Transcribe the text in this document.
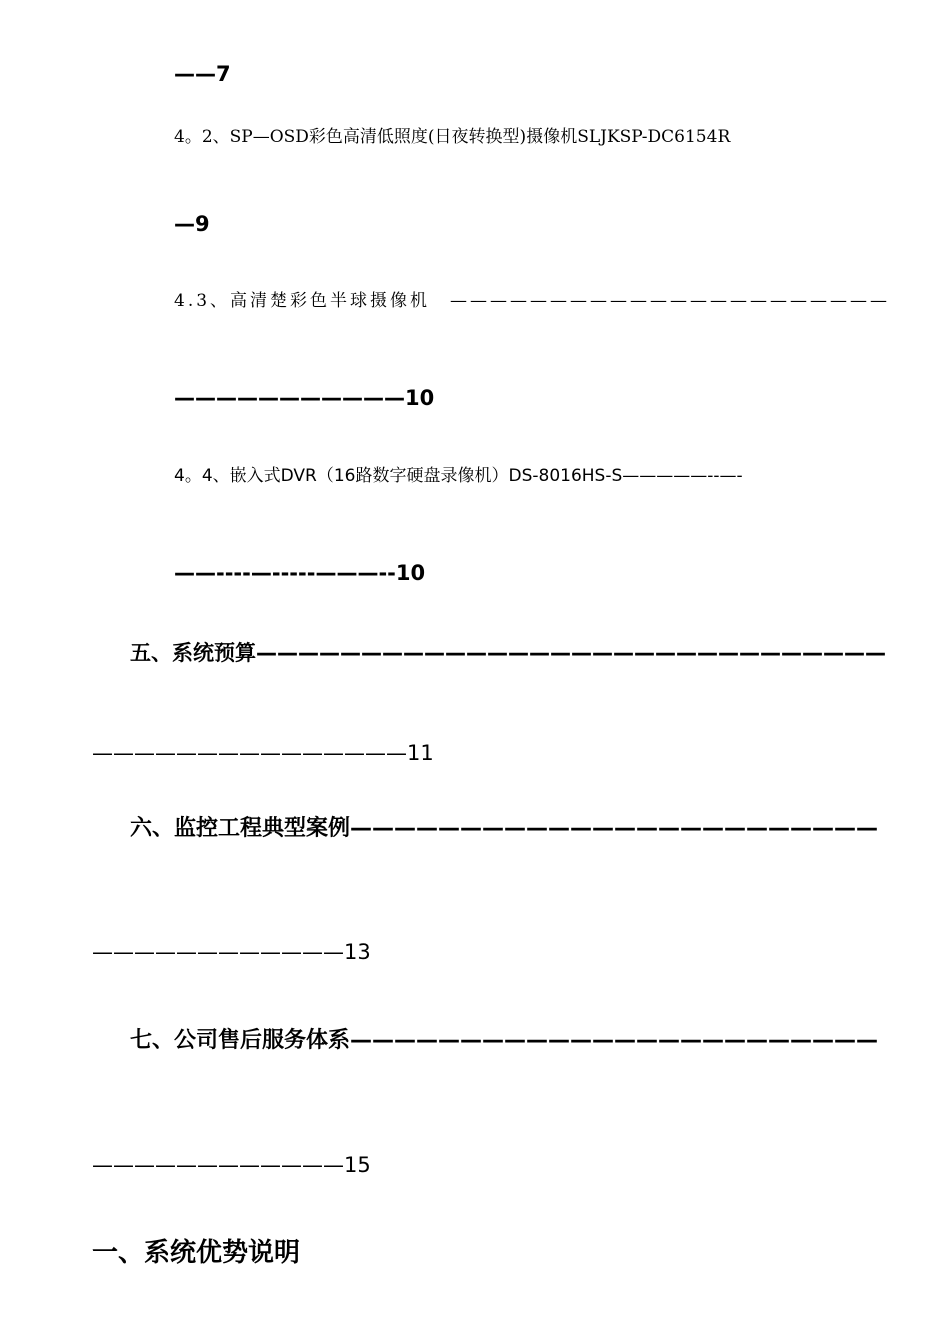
——7
4。2、SP—OSD彩色高清低照度(日夜转换型)摄像机SLJKSP-DC6154R
—9
4.3、高清楚彩色半球摄像机　——————————————————————
———————————10
4。4、嵌入式DVR（16路数字硬盘录像机）DS-8016HS-S—————--—-
——----—-----———--10
五、系统预算——————————————————————————————
———————————————11
六、监控工程典型案例————————————————————————
————————————13
七、公司售后服务体系————————————————————————
————————————15
一、系统优势说明
